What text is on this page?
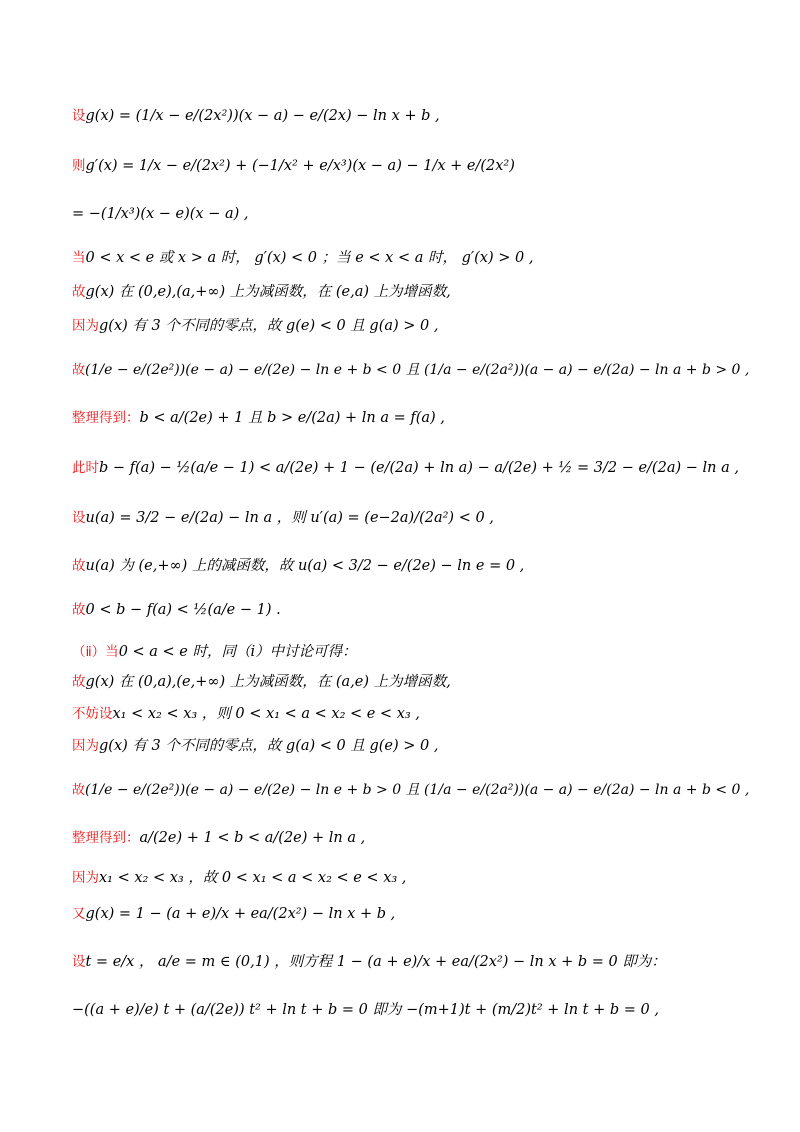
设g(x) = (1/x − e/(2x²))(x − a) − e/(2x) − ln x + b ,
则g′(x) = 1/x − e/(2x²) + (−1/x² + e/x³)(x − a) − 1/x + e/(2x²)
= −(1/x³)(x − e)(x − a) ,
当0 < x < e 或 x > a 时， g′(x) < 0 ；当 e < x < a 时， g′(x) > 0 ,
故g(x) 在 (0,e),(a,+∞) 上为减函数，在 (e,a) 上为增函数,
因为g(x) 有 3 个不同的零点，故 g(e) < 0 且 g(a) > 0 ,
故(1/e − e/(2e²))(e − a) − e/(2e) − ln e + b < 0 且 (1/a − e/(2a²))(a − a) − e/(2a) − ln a + b > 0 ,
整理得到：b < a/(2e) + 1 且 b > e/(2a) + ln a = f(a) ,
此时b − f(a) − ½(a/e − 1) < a/(2e) + 1 − (e/(2a) + ln a) − a/(2e) + ½ = 3/2 − e/(2a) − ln a ,
设u(a) = 3/2 − e/(2a) − ln a ，则 u′(a) = (e−2a)/(2a²) < 0 ,
故u(a) 为 (e,+∞) 上的减函数，故 u(a) < 3/2 − e/(2e) − ln e = 0 ,
故0 < b − f(a) < ½(a/e − 1) .
（ⅱ）当0 < a < e 时，同（ⅰ）中讨论可得：
故g(x) 在 (0,a),(e,+∞) 上为减函数，在 (a,e) 上为增函数,
不妨设x₁ < x₂ < x₃ ，则 0 < x₁ < a < x₂ < e < x₃ ,
因为g(x) 有 3 个不同的零点，故 g(a) < 0 且 g(e) > 0 ,
故(1/e − e/(2e²))(e − a) − e/(2e) − ln e + b > 0 且 (1/a − e/(2a²))(a − a) − e/(2a) − ln a + b < 0 ,
整理得到：a/(2e) + 1 < b < a/(2e) + ln a ,
因为x₁ < x₂ < x₃ ，故 0 < x₁ < a < x₂ < e < x₃ ,
又g(x) = 1 − (a + e)/x + ea/(2x²) − ln x + b ,
设t = e/x ， a/e = m ∈ (0,1) ，则方程 1 − (a + e)/x + ea/(2x²) − ln x + b = 0 即为：
−((a + e)/e) t + (a/(2e)) t² + ln t + b = 0 即为 −(m+1)t + (m/2)t² + ln t + b = 0 ,
